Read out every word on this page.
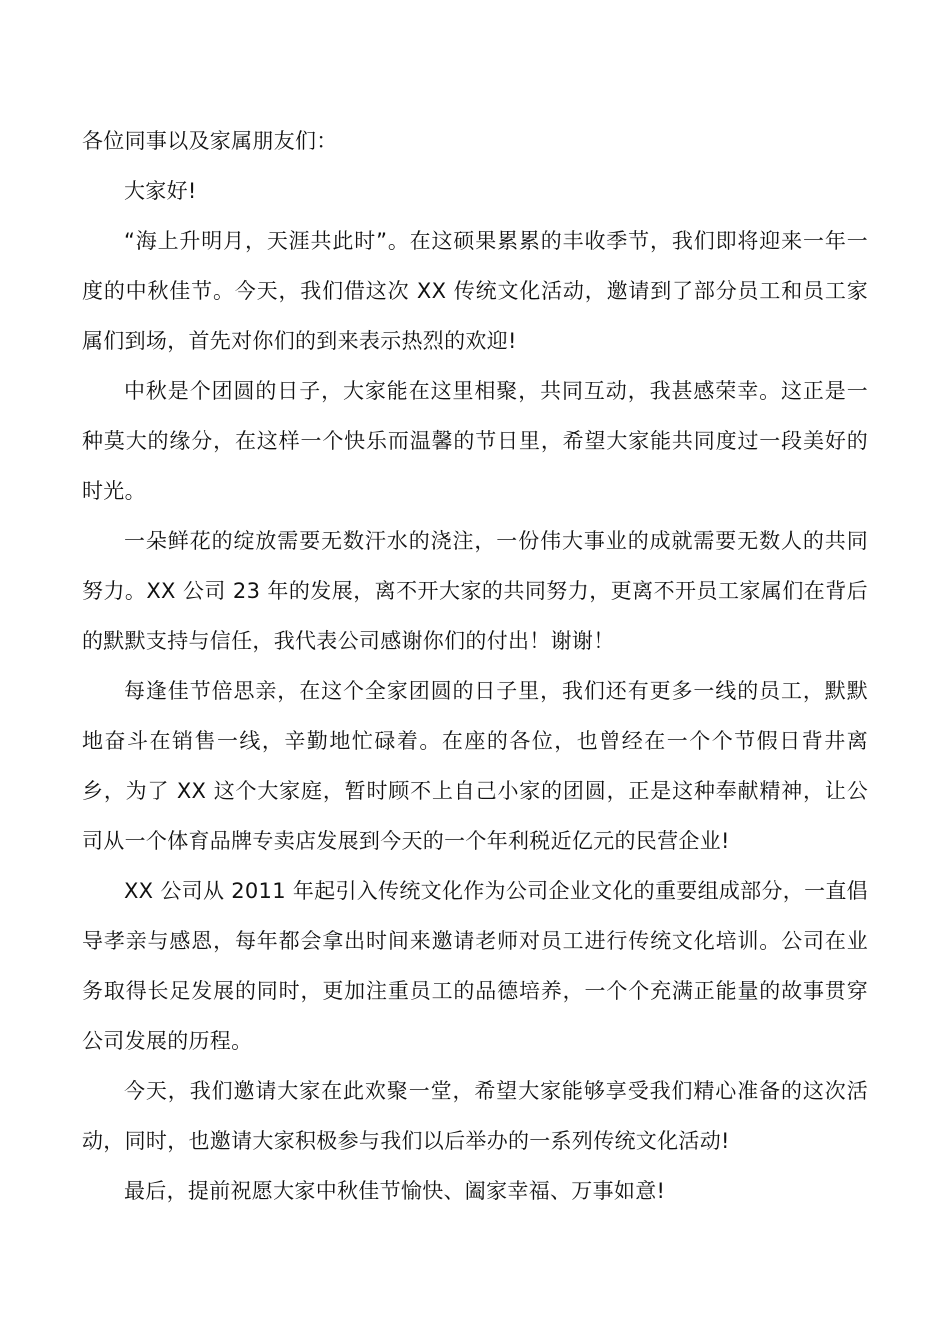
各位同事以及家属朋友们：

大家好!

“海上升明月，天涯共此时”。在这硕果累累的丰收季节，我们即将迎来一年一度的中秋佳节。今天，我们借这次 XX 传统文化活动，邀请到了部分员工和员工家属们到场，首先对你们的到来表示热烈的欢迎!

中秋是个团圆的日子，大家能在这里相聚，共同互动，我甚感荣幸。这正是一种莫大的缘分，在这样一个快乐而温馨的节日里，希望大家能共同度过一段美好的时光。

一朵鲜花的绽放需要无数汗水的浇注，一份伟大事业的成就需要无数人的共同努力。XX 公司 23 年的发展，离不开大家的共同努力，更离不开员工家属们在背后的默默支持与信任，我代表公司感谢你们的付出！谢谢！

每逢佳节倍思亲，在这个全家团圆的日子里，我们还有更多一线的员工，默默地奋斗在销售一线，辛勤地忙碌着。在座的各位，也曾经在一个个节假日背井离乡，为了 XX 这个大家庭，暂时顾不上自己小家的团圆，正是这种奉献精神，让公司从一个体育品牌专卖店发展到今天的一个年利税近亿元的民营企业!

XX 公司从 2011 年起引入传统文化作为公司企业文化的重要组成部分，一直倡导孝亲与感恩，每年都会拿出时间来邀请老师对员工进行传统文化培训。公司在业务取得长足发展的同时，更加注重员工的品德培养，一个个充满正能量的故事贯穿公司发展的历程。

今天，我们邀请大家在此欢聚一堂，希望大家能够享受我们精心准备的这次活动，同时，也邀请大家积极参与我们以后举办的一系列传统文化活动!

最后，提前祝愿大家中秋佳节愉快、阖家幸福、万事如意!
